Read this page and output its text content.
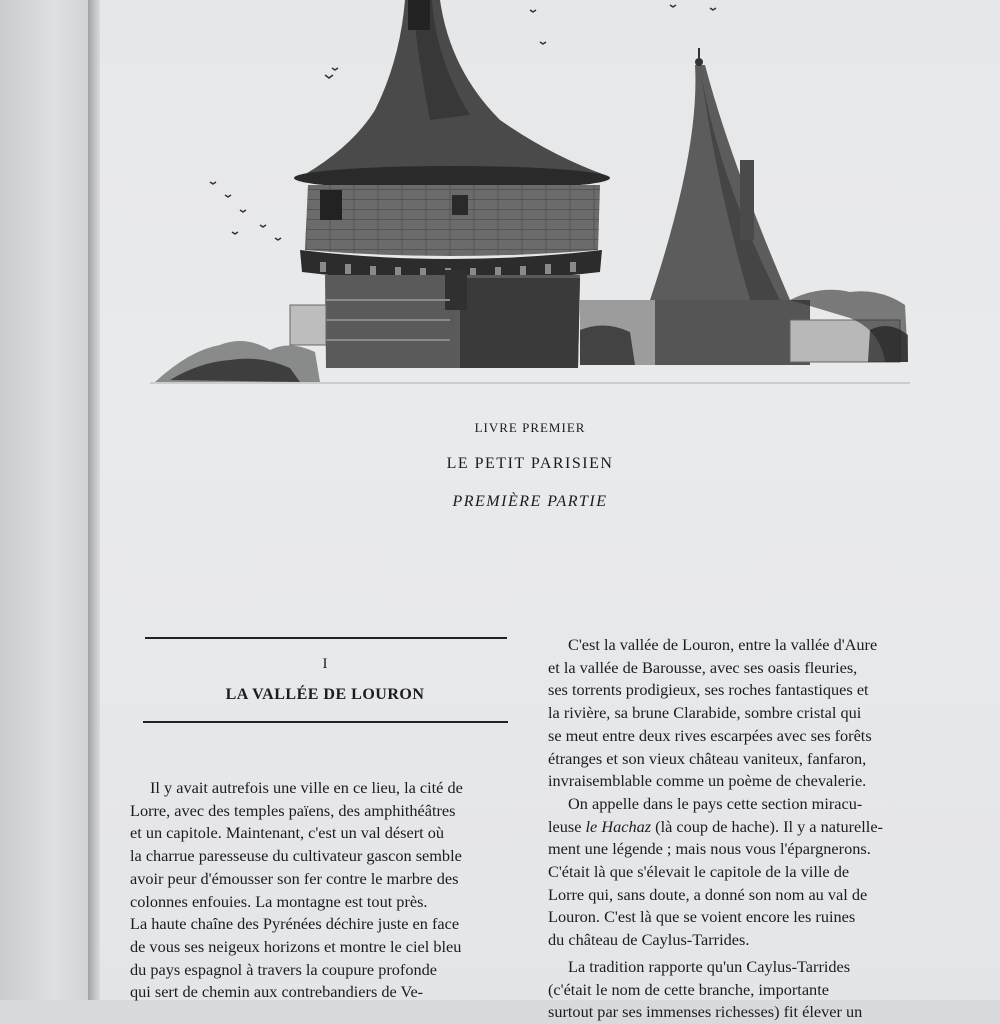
LIVRE PREMIER
LE PETIT PARISIEN
PREMIÈRE PARTIE
I
LA VALLÉE DE LOURON

Il y avait autrefois une ville en ce lieu, la cité de

Lorre, avec des temples païens, des amphithéâtres

et un capitole. Maintenant, c'est un val désert où

la charrue paresseuse du cultivateur gascon semble

avoir peur d'émousser son fer contre le marbre des

colonnes enfouies. La montagne est tout près.

La haute chaîne des Pyrénées déchire juste en face

de vous ses neigeux horizons et montre le ciel bleu

du pays espagnol à travers la coupure profonde

qui sert de chemin aux contrebandiers de Ve-

C'est la vallée de Louron, entre la vallée d'Aure

et la vallée de Barousse, avec ses oasis fleuries,

ses torrents prodigieux, ses roches fantastiques et

la rivière, sa brune Clarabide, sombre cristal qui

se meut entre deux rives escarpées avec ses forêts

étranges et son vieux château vaniteux, fanfaron,

invraisemblable comme un poème de chevalerie.

On appelle dans le pays cette section miracu-

leuse le Hachaz (là coup de hache). Il y a naturelle-

ment une légende ; mais nous vous l'épargnerons.

C'était là que s'élevait le capitole de la ville de

Lorre qui, sans doute, a donné son nom au val de

Louron. C'est là que se voient encore les ruines

du château de Caylus-Tarrides.

La tradition rapporte qu'un Caylus-Tarrides

(c'était le nom de cette branche, importante

surtout par ses immenses richesses) fit élever un
